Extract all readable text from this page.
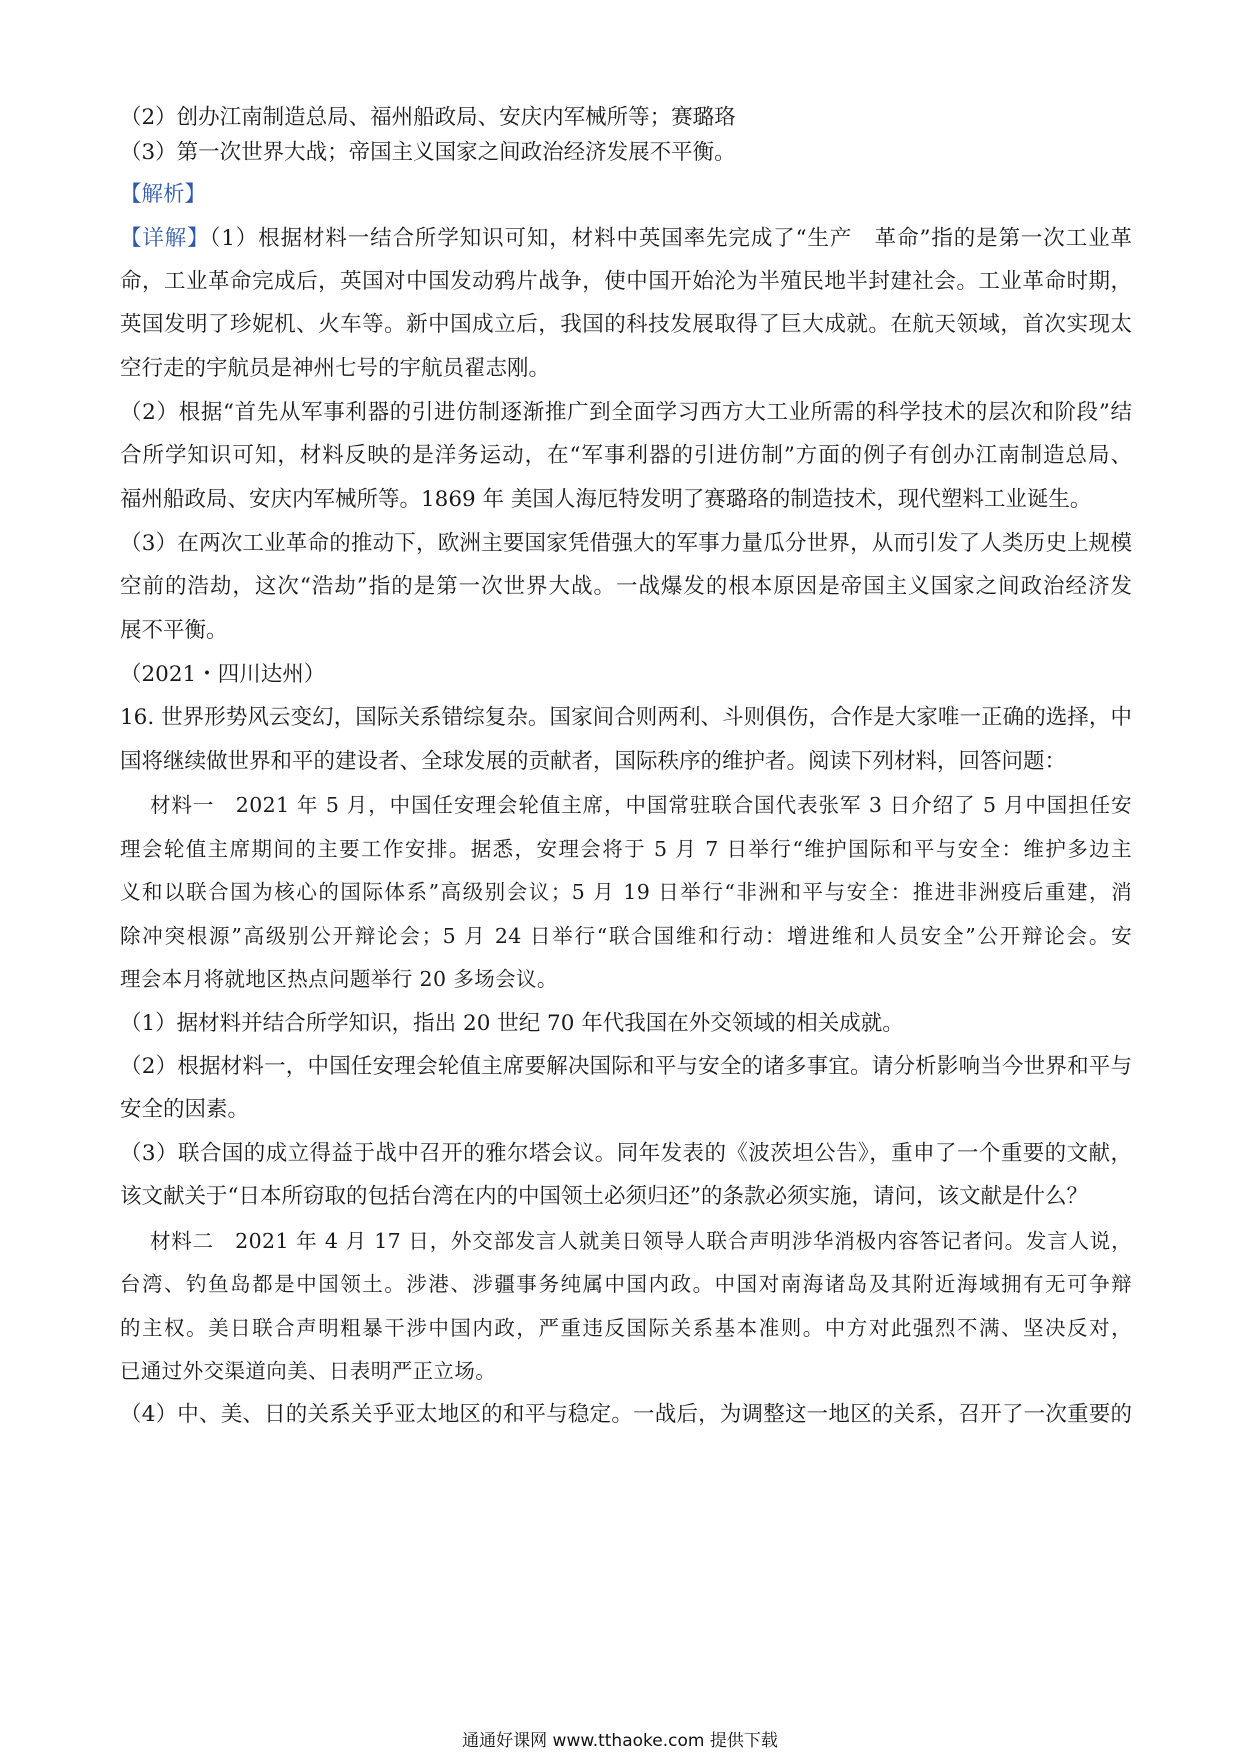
（2）创办江南制造总局、福州船政局、安庆内军械所等；赛璐珞
（3）第一次世界大战；帝国主义国家之间政治经济发展不平衡。
【解析】
【详解】（1）根据材料一结合所学知识可知，材料中英国率先完成了“生产　革命”指的是第一次工业革
命，工业革命完成后，英国对中国发动鸦片战争，使中国开始沦为半殖民地半封建社会。工业革命时期，
英国发明了珍妮机、火车等。新中国成立后，我国的科技发展取得了巨大成就。在航天领域，首次实现太
空行走的宇航员是神州七号的宇航员翟志刚。
（2）根据“首先从军事利器的引进仿制逐渐推广到全面学习西方大工业所需的科学技术的层次和阶段”结
合所学知识可知，材料反映的是洋务运动，在“军事利器的引进仿制”方面的例子有创办江南制造总局、
福州船政局、安庆内军械所等。1869 年 美国人海厄特发明了赛璐珞的制造技术，现代塑料工业诞生。
（3）在两次工业革命的推动下，欧洲主要国家凭借强大的军事力量瓜分世界，从而引发了人类历史上规模
空前的浩劫，这次“浩劫”指的是第一次世界大战。一战爆发的根本原因是帝国主义国家之间政治经济发
展不平衡。
（2021・四川达州）
16. 世界形势风云变幻，国际关系错综复杂。国家间合则两利、斗则俱伤，合作是大家唯一正确的选择，中
国将继续做世界和平的建设者、全球发展的贡献者，国际秩序的维护者。阅读下列材料，回答问题：
材料一　2021 年 5 月，中国任安理会轮值主席，中国常驻联合国代表张军 3 日介绍了 5 月中国担任安
理会轮值主席期间的主要工作安排。据悉，安理会将于 5 月 7 日举行“维护国际和平与安全：维护多边主
义和以联合国为核心的国际体系”高级别会议；5 月 19 日举行“非洲和平与安全：推进非洲疫后重建，消
除冲突根源”高级别公开辩论会；5 月 24 日举行“联合国维和行动：增进维和人员安全”公开辩论会。安
理会本月将就地区热点问题举行 20 多场会议。
（1）据材料并结合所学知识，指出 20 世纪 70 年代我国在外交领域的相关成就。
（2）根据材料一，中国任安理会轮值主席要解决国际和平与安全的诸多事宜。请分析影响当今世界和平与
安全的因素。
（3）联合国的成立得益于战中召开的雅尔塔会议。同年发表的《波茨坦公告》，重申了一个重要的文献，
该文献关于“日本所窃取的包括台湾在内的中国领土必须归还”的条款必须实施，请问，该文献是什么？
材料二　2021 年 4 月 17 日，外交部发言人就美日领导人联合声明涉华消极内容答记者问。发言人说，
台湾、钓鱼岛都是中国领土。涉港、涉疆事务纯属中国内政。中国对南海诸岛及其附近海域拥有无可争辩
的主权。美日联合声明粗暴干涉中国内政，严重违反国际关系基本准则。中方对此强烈不满、坚决反对，
已通过外交渠道向美、日表明严正立场。
（4）中、美、日的关系关乎亚太地区的和平与稳定。一战后，为调整这一地区的关系，召开了一次重要的
通通好课网 www.tthaoke.com 提供下载
